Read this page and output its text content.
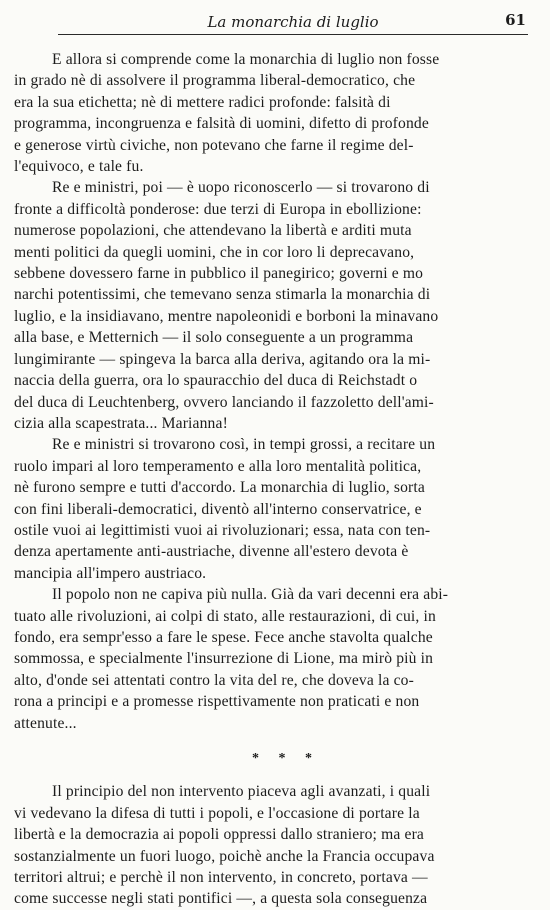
La monarchia di luglio	61
E allora si comprende come la monarchia di luglio non fosse
in grado nè di assolvere il programma liberal-democratico, che
era la sua etichetta; nè di mettere radici profonde: falsità di
programma, incongruenza e falsità di uomini, difetto di profonde
e generose virtù civiche, non potevano che farne il regime del-
l'equivoco, e tale fu.
Re e ministri, poi — è uopo riconoscerlo — si trovarono di
fronte a difficoltà ponderose: due terzi di Europa in ebollizione:
numerose popolazioni, che attendevano la libertà e arditi muta
menti politici da quegli uomini, che in cor loro li deprecavano,
sebbene dovessero farne in pubblico il panegirico; governi e mo
narchi potentissimi, che temevano senza stimarla la monarchia di
luglio, e la insidiavano, mentre napoleonidi e borboni la minavano
alla base, e Metternich — il solo conseguente a un programma
lungimirante — spingeva la barca alla deriva, agitando ora la mi-
naccia della guerra, ora lo spauracchio del duca di Reichstadt o
del duca di Leuchtenberg, ovvero lanciando il fazzoletto dell'ami-
cizia alla scapestrata... Marianna!
Re e ministri si trovarono così, in tempi grossi, a recitare un
ruolo impari al loro temperamento e alla loro mentalità politica,
nè furono sempre e tutti d'accordo. La monarchia di luglio, sorta
con fini liberali-democratici, diventò all'interno conservatrice, e
ostile vuoi ai legittimisti vuoi ai rivoluzionari; essa, nata con ten-
denza apertamente anti-austriache, divenne all'estero devota è
mancipia all'impero austriaco.
Il popolo non ne capiva più nulla. Già da vari decenni era abi-
tuato alle rivoluzioni, ai colpi di stato, alle restaurazioni, di cui, in
fondo, era sempr'esso a fare le spese. Fece anche stavolta qualche
sommossa, e specialmente l'insurrezione di Lione, ma mirò più in
alto, d'onde sei attentati contro la vita del re, che doveva la co-
rona a principi e a promesse rispettivamente non praticati e non
attenute...
* * *
Il principio del non intervento piaceva agli avanzati, i quali
vi vedevano la difesa di tutti i popoli, e l'occasione di portare la
libertà e la democrazia ai popoli oppressi dallo straniero; ma era
sostanzialmente un fuori luogo, poichè anche la Francia occupava
territori altrui; e perchè il non intervento, in concreto, portava —
come successe negli stati pontifici —, a questa sola conseguenza
